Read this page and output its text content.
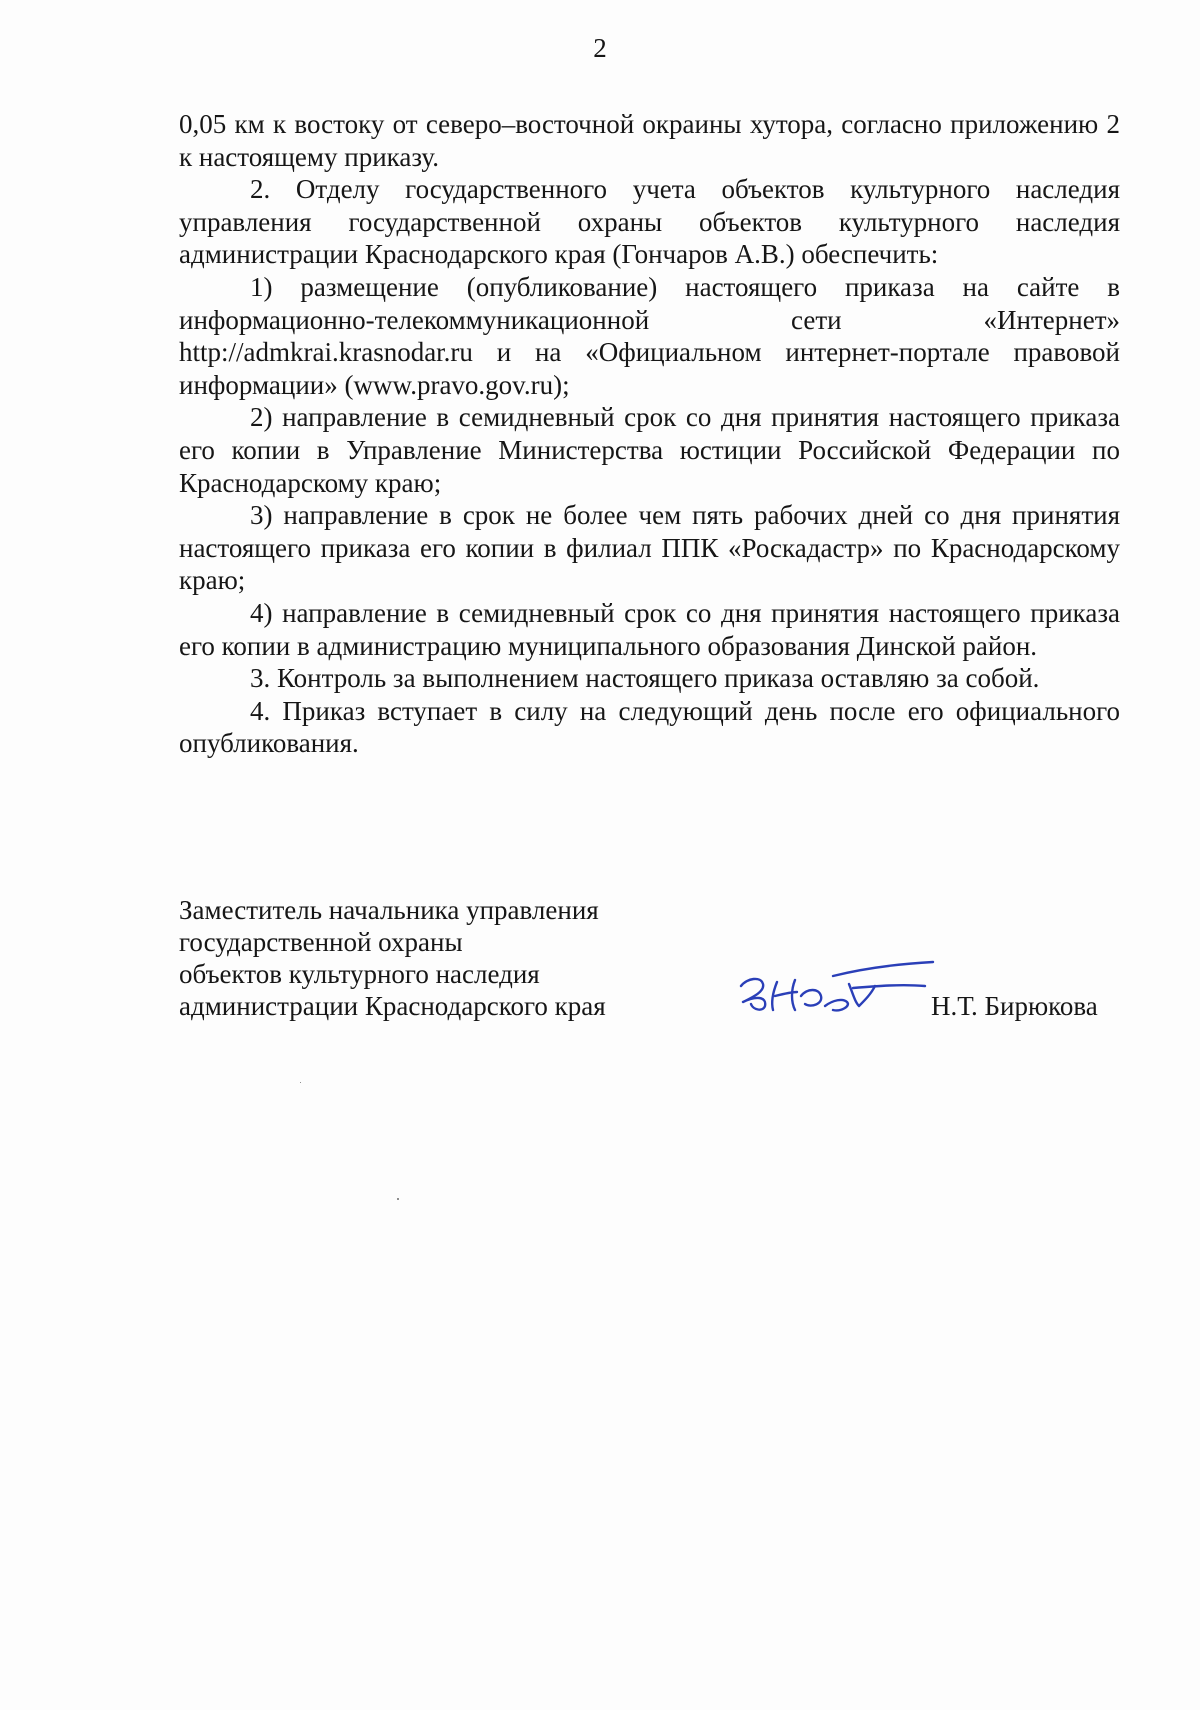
2

0,05 км к востоку от северо–восточной окраины хутора, согласно приложению 2 к настоящему приказу.

2. Отделу государственного учета объектов культурного наследия управления государственной охраны объектов культурного наследия администрации Краснодарского края (Гончаров А.В.) обеспечить:

1) размещение (опубликование) настоящего приказа на сайте в информационно-телекоммуникационной сети «Интернет» http://admkrai.krasnodar.ru и на «Официальном интернет-портале правовой информации» (www.pravo.gov.ru);

2) направление в семидневный срок со дня принятия настоящего приказа его копии в Управление Министерства юстиции Российской Федерации по Краснодарскому краю;

3) направление в срок не более чем пять рабочих дней со дня принятия настоящего приказа его копии в филиал ППК «Роскадастр» по Краснодарскому краю;

4) направление в семидневный срок со дня принятия настоящего приказа его копии в администрацию муниципального образования Динской район.

3. Контроль за выполнением настоящего приказа оставляю за собой.

4. Приказ вступает в силу на следующий день после его официального опубликования.

Заместитель начальника управления
государственной охраны
объектов культурного наследия
администрации Краснодарского края	Н.Т. Бирюкова
